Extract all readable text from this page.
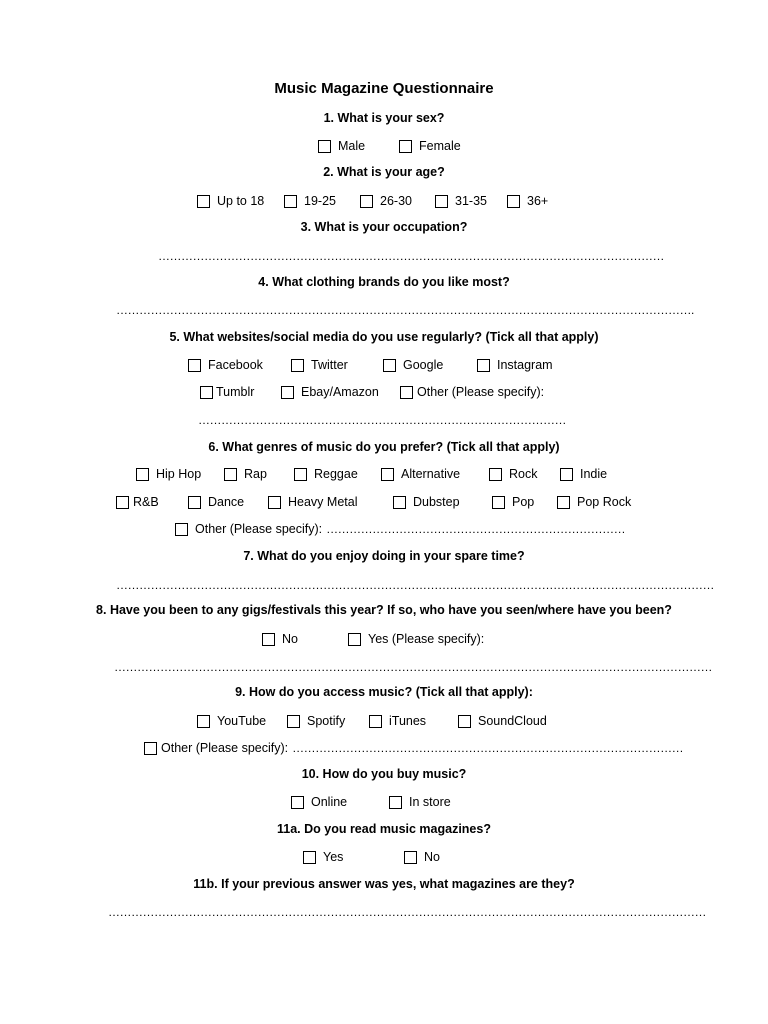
Music Magazine Questionnaire
1. What is your sex?
Male	Female
2. What is your age?
Up to 18	19-25	26-30	31-35	36+
3. What is your occupation?
……………………………………………………………………………………………………………………
4. What clothing brands do you like most?
…………………………………………………………………………………………………………………………………….
5. What websites/social media do you use regularly? (Tick all that apply)
Facebook	Twitter	Google	Instagram
Tumblr	Ebay/Amazon	Other (Please specify):
……………………………………………………………………………………
6. What genres of music do you prefer? (Tick all that apply)
Hip Hop	Rap	Reggae	Alternative	Rock	Indie
R&B	Dance	Heavy Metal	Dubstep	Pop	Pop Rock
Other (Please specify): ……………………………………………………………………
7. What do you enjoy doing in your spare time?
…………………………………………………………………………………………………………………………………………
8. Have you been to any gigs/festivals this year? If so, who have you seen/where have you been?
No	Yes (Please specify):
…………………………………………………………………………………………………………………………………………
9. How do you access music? (Tick all that apply):
YouTube	Spotify	iTunes	SoundCloud
Other (Please specify): …………………………………………………………………………………………
10. How do you buy music?
Online	In store
11a. Do you read music magazines?
Yes	No
11b. If your previous answer was yes, what magazines are they?
…………………………………………………………………………………………………………………………………………
